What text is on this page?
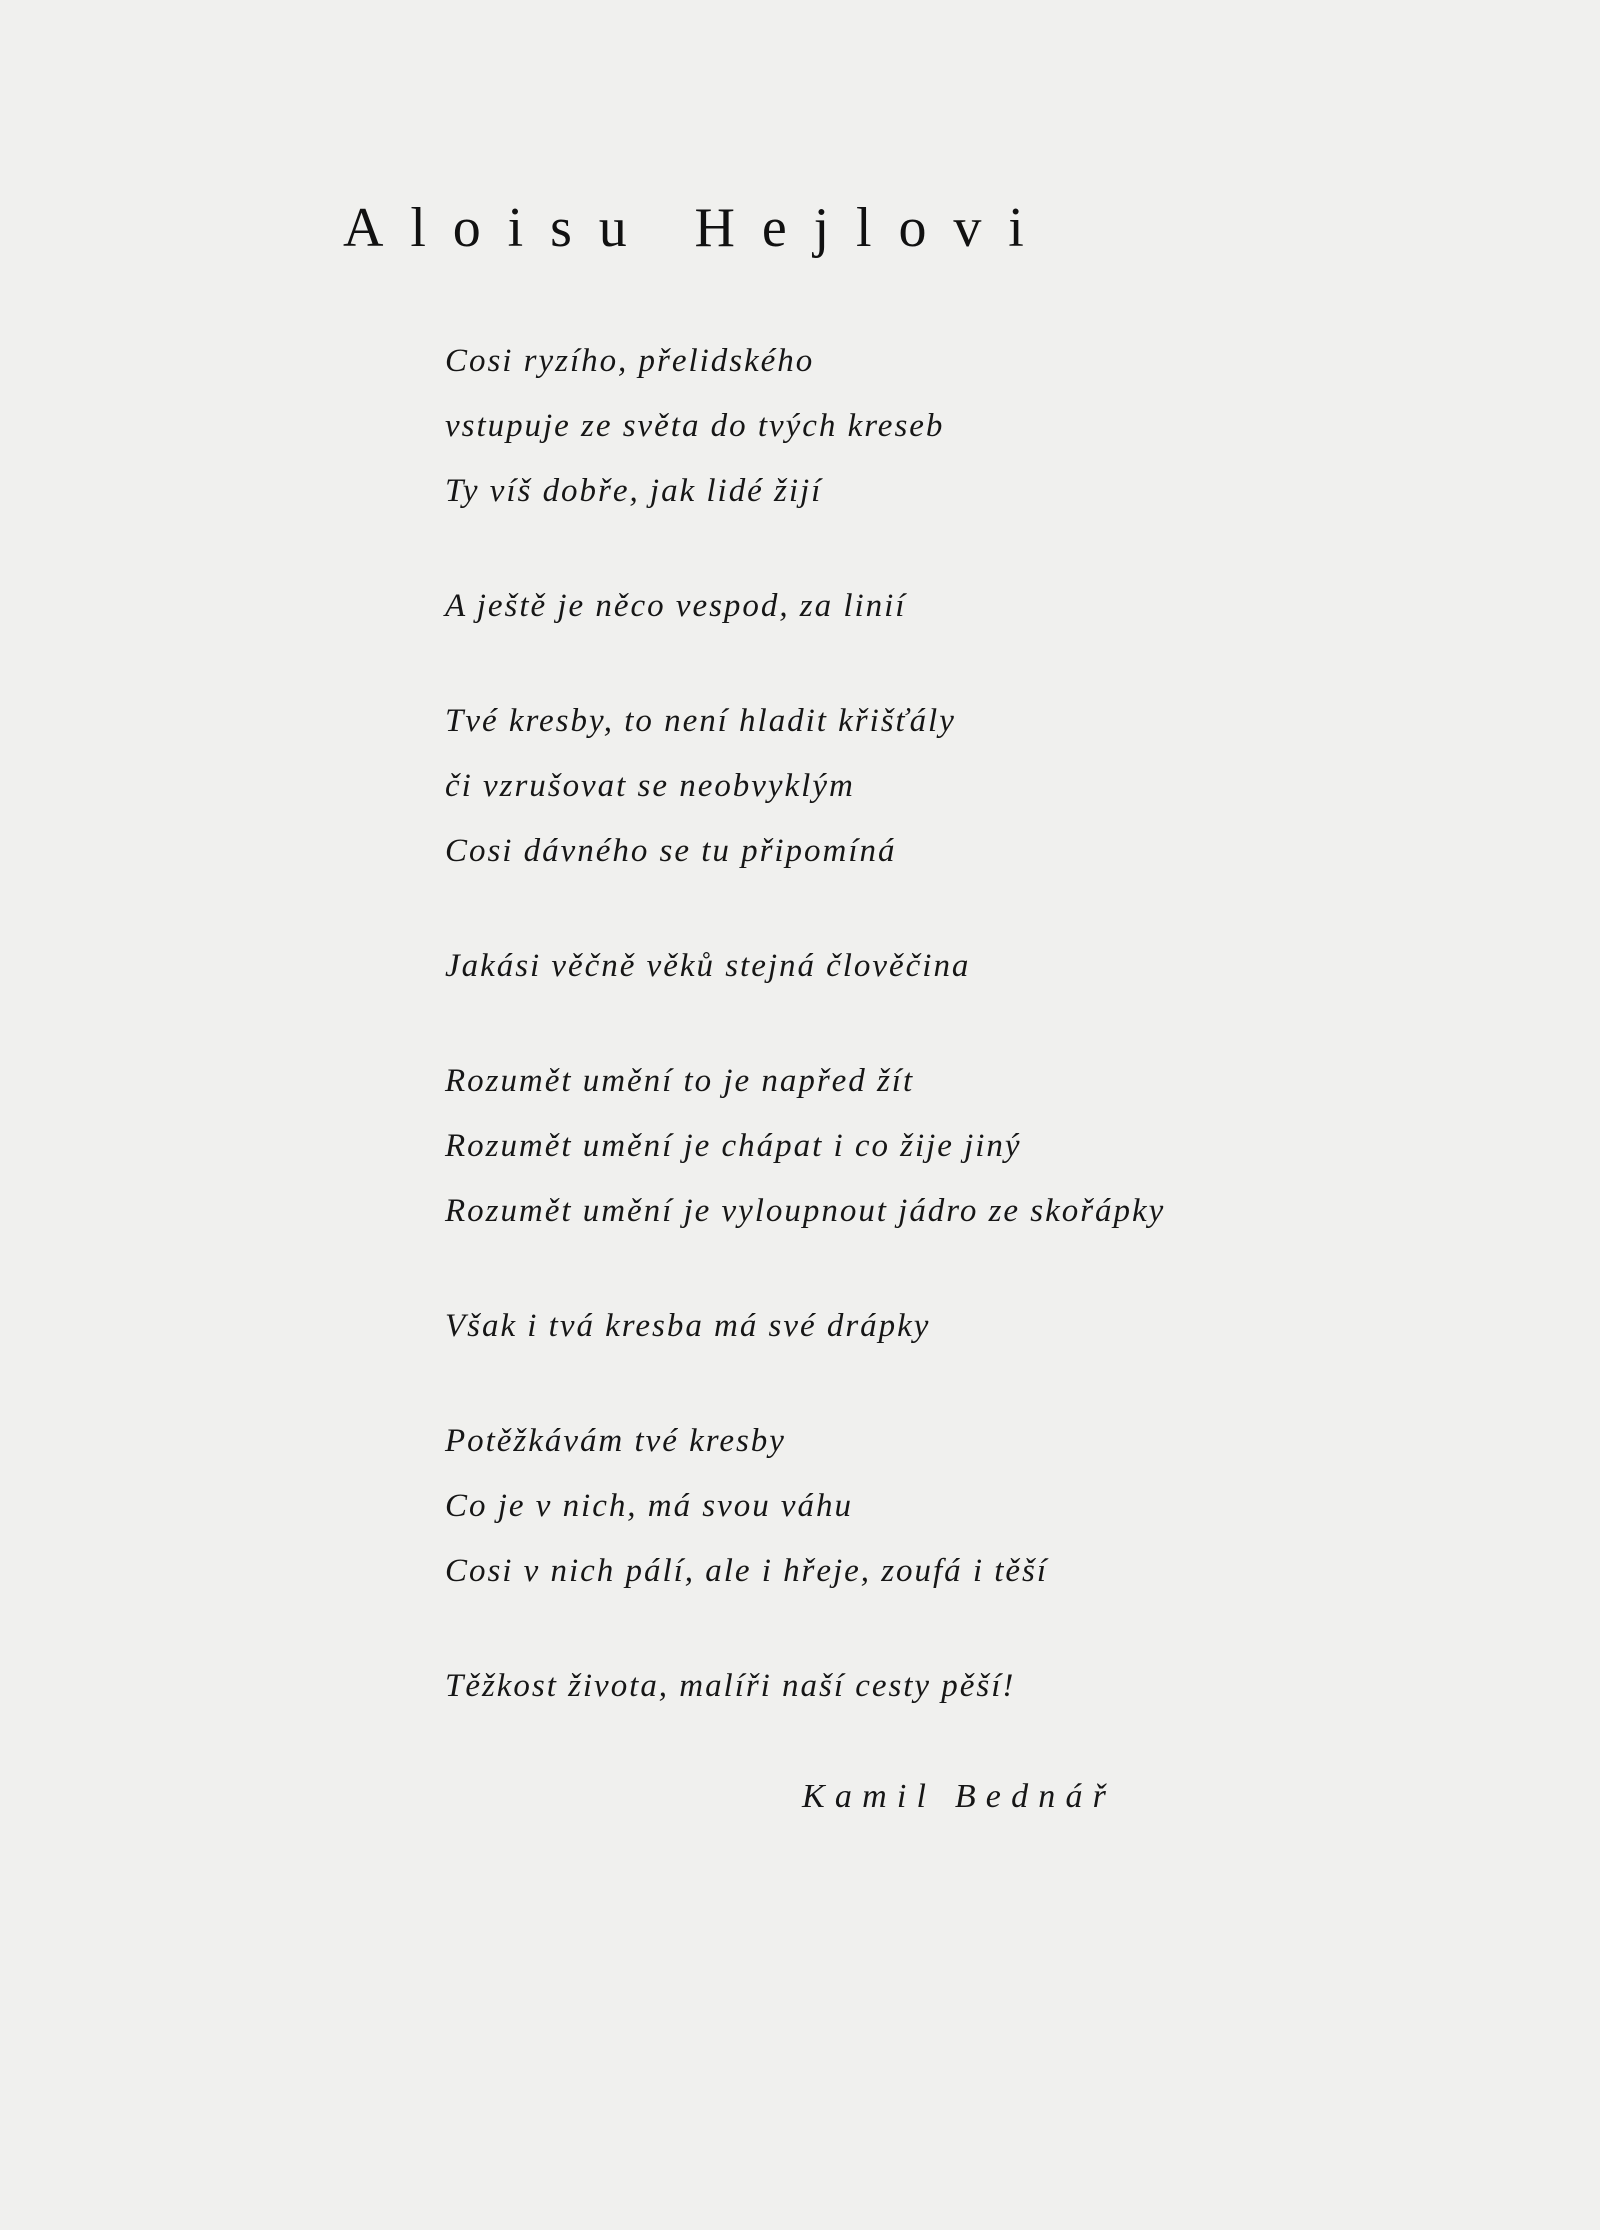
Aloisu Hejlovi
Cosi ryzího, přelidského
vstupuje ze světa do tvých kreseb
Ty víš dobře, jak lidé žijí
A ještě je něco vespod, za linií
Tvé kresby, to není hladit křišťály
či vzrušovat se neobvyklým
Cosi dávného se tu připomíná
Jakási věčně věků stejná člověčina
Rozumět umění to je napřed žít
Rozumět umění je chápat i co žije jiný
Rozumět umění je vyloupnout jádro ze skořápky
Však i tvá kresba má své drápky
Potěžkávám tvé kresby
Co je v nich, má svou váhu
Cosi v nich pálí, ale i hřeje, zoufá i těší
Těžkost života, malíři naší cesty pěší!

Kamil Bednář
